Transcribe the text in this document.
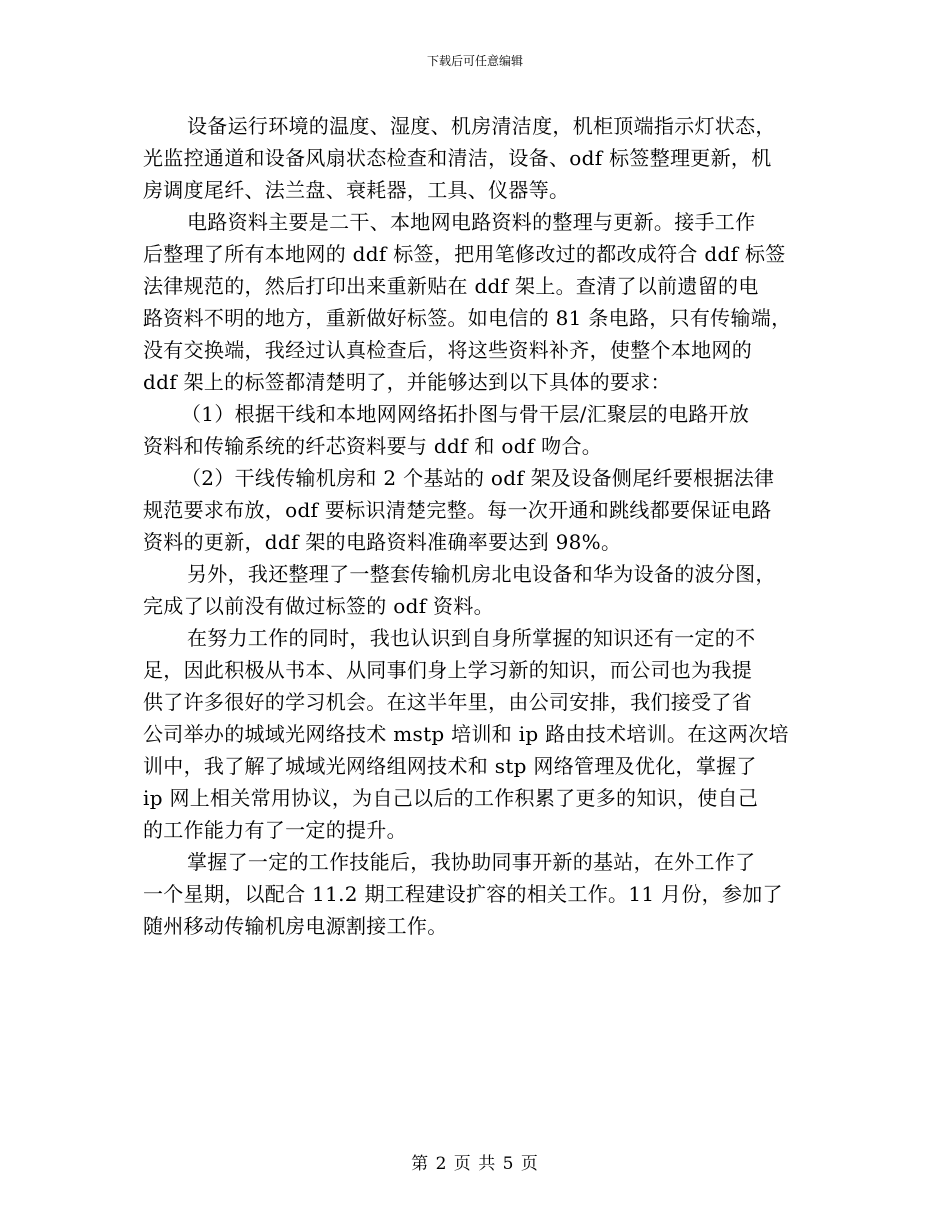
下载后可任意编辑
设备运行环境的温度、湿度、机房清洁度，机柜顶端指示灯状态，
光监控通道和设备风扇状态检查和清洁，设备、odf 标签整理更新，机
房调度尾纤、法兰盘、衰耗器，工具、仪器等。
电路资料主要是二干、本地网电路资料的整理与更新。接手工作
后整理了所有本地网的 ddf 标签，把用笔修改过的都改成符合 ddf 标签
法律规范的，然后打印出来重新贴在 ddf 架上。查清了以前遗留的电
路资料不明的地方，重新做好标签。如电信的 81 条电路，只有传输端，
没有交换端，我经过认真检查后，将这些资料补齐，使整个本地网的
ddf 架上的标签都清楚明了，并能够达到以下具体的要求：
（1）根据干线和本地网网络拓扑图与骨干层/汇聚层的电路开放
资料和传输系统的纤芯资料要与 ddf 和 odf 吻合。
（2）干线传输机房和 2 个基站的 odf 架及设备侧尾纤要根据法律
规范要求布放，odf 要标识清楚完整。每一次开通和跳线都要保证电路
资料的更新，ddf 架的电路资料准确率要达到 98%。
另外，我还整理了一整套传输机房北电设备和华为设备的波分图，
完成了以前没有做过标签的 odf 资料。
在努力工作的同时，我也认识到自身所掌握的知识还有一定的不
足，因此积极从书本、从同事们身上学习新的知识，而公司也为我提
供了许多很好的学习机会。在这半年里，由公司安排，我们接受了省
公司举办的城域光网络技术 mstp 培训和 ip 路由技术培训。在这两次培
训中，我了解了城域光网络组网技术和 stp 网络管理及优化，掌握了
ip 网上相关常用协议，为自己以后的工作积累了更多的知识，使自己
的工作能力有了一定的提升。
掌握了一定的工作技能后，我协助同事开新的基站，在外工作了
一个星期，以配合 11.2 期工程建设扩容的相关工作。11 月份，参加了
随州移动传输机房电源割接工作。
第 2 页 共 5 页
